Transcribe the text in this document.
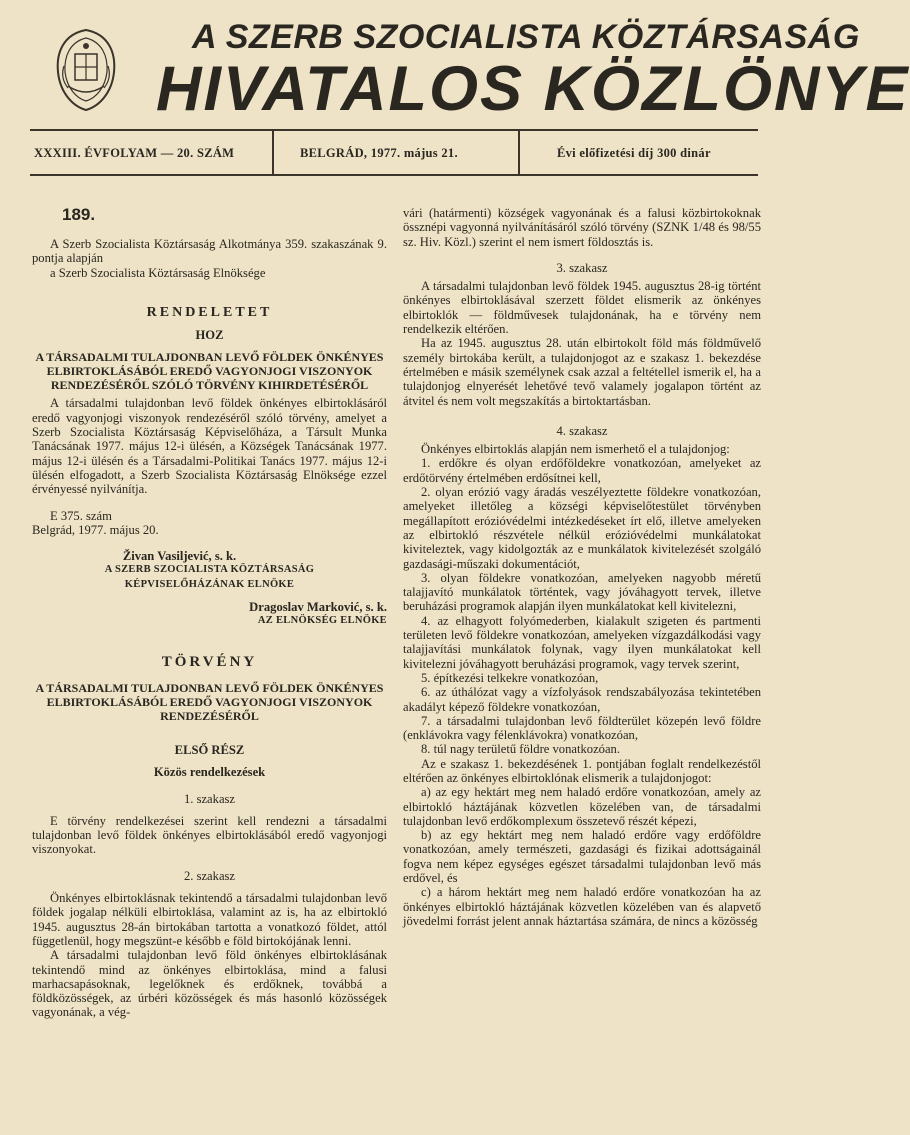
A SZERB SZOCIALISTA KÖZTÁRSASÁG
HIVATALOS KÖZLÖNYE
XXXIII. ÉVFOLYAM — 20. SZÁM	BELGRÁD, 1977. május 21.	Évi előfizetési díj 300 dinár
189.

A Szerb Szocialista Köztársaság Alkotmánya 359. szakaszának 9. pontja alapján

a Szerb Szocialista Köztársaság Elnöksége

RENDELETET

HOZ

A TÁRSADALMI TULAJDONBAN LEVŐ FÖLDEK ÖNKÉNYES ELBIRTOKLÁSÁBÓL EREDŐ VAGYONJOGI VISZONYOK RENDEZÉSÉRŐL SZÓLÓ TÖRVÉNY KIHIRDETÉSÉRŐL

A társadalmi tulajdonban levő földek önkényes elbirtoklásáról eredő vagyonjogi viszonyok rendezéséről szóló törvény, amelyet a Szerb Szocialista Köztársaság Képviselőháza, a Társult Munka Tanácsának 1977. május 12-i ülésén, a Községek Tanácsának 1977. május 12-i ülésén és a Társadalmi-Politikai Tanács 1977. május 12-i ülésén elfogadott, a Szerb Szocialista Köztársaság Elnöksége ezzel érvényessé nyilvánítja.

E 375. szám

Belgrád, 1977. május 20.

Živan Vasiljević, s. k.

A SZERB SZOCIALISTA KÖZTÁRSASÁG

KÉPVISELŐHÁZÁNAK ELNÖKE

Dragoslav Marković, s. k.

AZ ELNÖKSÉG ELNÖKE

TÖRVÉNY

A TÁRSADALMI TULAJDONBAN LEVŐ FÖLDEK ÖNKÉNYES ELBIRTOKLÁSÁBÓL EREDŐ VAGYONJOGI VISZONYOK RENDEZÉSÉRŐL

ELSŐ RÉSZ

Közös rendelkezések

1. szakasz

E törvény rendelkezései szerint kell rendezni a társadalmi tulajdonban levő földek önkényes elbirtoklásából eredő vagyonjogi viszonyokat.

2. szakasz

Önkényes elbirtoklásnak tekintendő a társadalmi tulajdonban levő földek jogalap nélküli elbirtoklása, valamint az is, ha az elbirtokló 1945. augusztus 28-án birtokában tartotta a vonatkozó földet, attól függetlenül, hogy megszünt-e később e föld birtokójának lenni.

A társadalmi tulajdonban levő föld önkényes elbirtoklásának tekintendő mind az önkényes elbirtoklása, mind a falusi marhacsapásoknak, legelőknek és erdőknek, továbbá a földközösségek, az úrbéri közösségek és más hasonló közösségek vagyonának, a vég-

vári (határmenti) községek vagyonának és a falusi közbirtokoknak össznépi vagyonná nyilvánításáról szóló törvény (SZNK 1/48 és 98/55 sz. Hiv. Közl.) szerint el nem ismert földosztás is.

3. szakasz

A társadalmi tulajdonban levő földek 1945. augusztus 28-ig történt önkényes elbirtoklásával szerzett földet elismerik az önkényes elbirtoklók — földművesek tulajdonának, ha e törvény nem rendelkezik eltérően.

Ha az 1945. augusztus 28. után elbirtokolt föld más földművelő személy birtokába került, a tulajdonjogot az e szakasz 1. bekezdése értelmében e másik személynek csak azzal a feltétellel ismerik el, ha a tulajdonjog elnyerését lehetővé tevő valamely jogalapon történt az átvitel és nem volt megszakítás a birtoktartásban.

4. szakasz

Önkényes elbirtoklás alapján nem ismerhető el a tulajdonjog:

1. erdőkre és olyan erdőföldekre vonatkozóan, amelyeket az erdőtörvény értelmében erdősítnei kell,

2. olyan erózió vagy áradás veszélyeztette földekre vonatkozóan, amelyeket illetőleg a községi képviselőtestület törvényben megállapított erózióvédelmi intézkedéseket írt elő, illetve amelyeken az elbirtokló részvétele nélkül erózióvédelmi munkálatokat kiviteleztek, vagy kidolgozták az e munkálatok kivitelezését szolgáló gazdasági-műszaki dokumentációt,

3. olyan földekre vonatkozóan, amelyeken nagyobb méretű talajjavító munkálatok történtek, vagy jóváhagyott tervek, illetve beruházási programok alapján ilyen munkálatokat kell kivitelezni,

4. az elhagyott folyómederben, kialakult szigeten és partmenti területen levő földekre vonatkozóan, amelyeken vízgazdálkodási vagy talajjavítási munkálatok folynak, vagy ilyen munkálatokat kell kivitelezni jóváhagyott beruházási programok, vagy tervek szerint,

5. építkezési telkekre vonatkozóan,

6. az úthálózat vagy a vízfolyások rendszabályozása tekintetében akadályt képező földekre vonatkozóan,

7. a társadalmi tulajdonban levő földterület közepén levő földre (enklávokra vagy félenklávokra) vonatkozóan,

8. túl nagy területű földre vonatkozóan.

Az e szakasz 1. bekezdésének 1. pontjában foglalt rendelkezéstől eltérően az önkényes elbirtoklónak elismerik a tulajdonjogot:

a) az egy hektárt meg nem haladó erdőre vonatkozóan, amely az elbirtokló háztájának közvetlen közelében van, de társadalmi tulajdonban levő erdőkomplexum összetevő részét képezi,

b) az egy hektárt meg nem haladó erdőre vagy erdőföldre vonatkozóan, amely természeti, gazdasági és fizikai adottságainál fogva nem képez egységes egészet társadalmi tulajdonban levő más erdővel, és

c) a három hektárt meg nem haladó erdőre vonatkozóan ha az önkényes elbirtokló háztájának közvetlen közelében van és alapvető jövedelmi forrást jelent annak háztartása számára, de nincs a közösség
